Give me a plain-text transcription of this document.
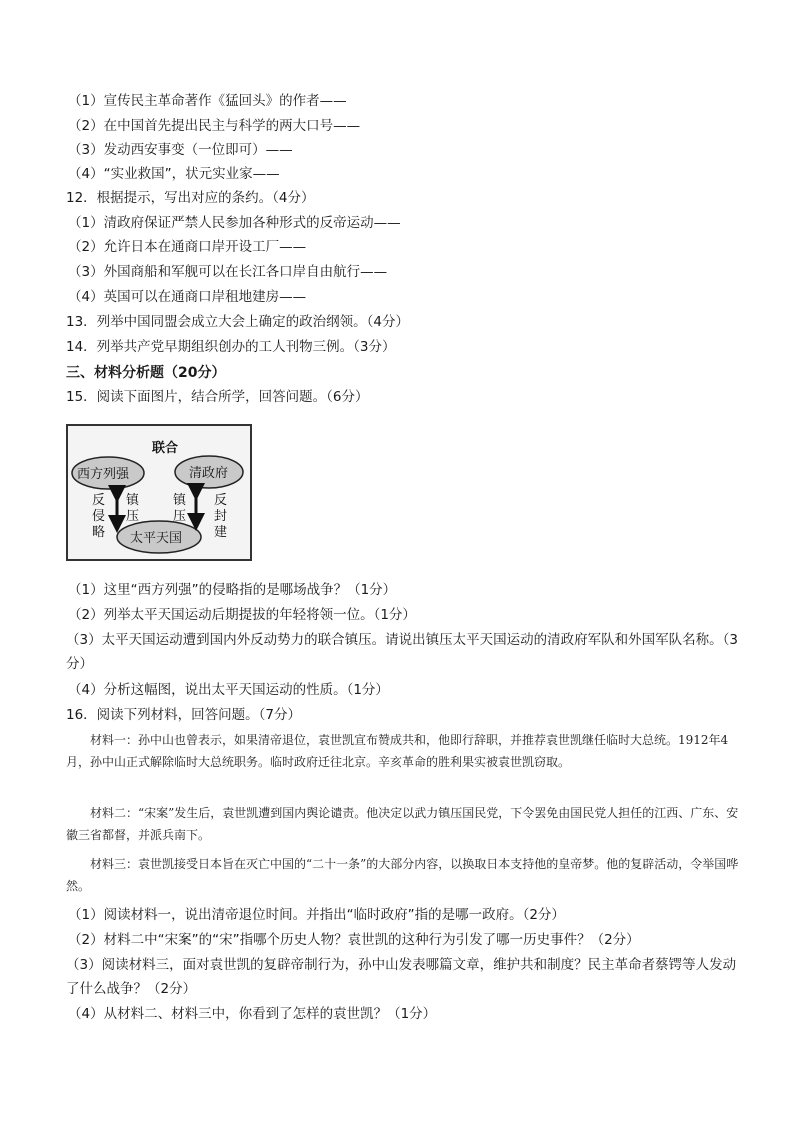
（1）宣传民主革命著作《猛回头》的作者——
（2）在中国首先提出民主与科学的两大口号——
（3）发动西安事变（一位即可）——
（4）“实业救国”，状元实业家——
12．根据提示，写出对应的条约。（4分）
（1）清政府保证严禁人民参加各种形式的反帝运动——
（2）允许日本在通商口岸开设工厂——
（3）外国商船和军舰可以在长江各口岸自由航行——
（4）英国可以在通商口岸租地建房——
13．列举中国同盟会成立大会上确定的政治纲领。（4分）
14．列举共产党早期组织创办的工人刊物三例。（3分）
三、材料分析题（20分）
15．阅读下面图片，结合所学，回答问题。（6分）
联合
西方列强	清政府
太平天国
反
侵
略
镇
压
镇
压
反
封
建
（1）这里“西方列强”的侵略指的是哪场战争？（1分）
（2）列举太平天国运动后期提拔的年轻将领一位。（1分）
（3）太平天国运动遭到国内外反动势力的联合镇压。请说出镇压太平天国运动的清政府军队和外国军队名称。（3分）
（4）分析这幅图，说出太平天国运动的性质。（1分）
16．阅读下列材料，回答问题。（7分）
材料一：孙中山也曾表示，如果清帝退位，袁世凯宣布赞成共和，他即行辞职，并推荐袁世凯继任临时大总统。1912年4月，孙中山正式解除临时大总统职务。临时政府迁往北京。辛亥革命的胜利果实被袁世凯窃取。
材料二：“宋案”发生后，袁世凯遭到国内舆论谴责。他决定以武力镇压国民党，下令罢免由国民党人担任的江西、广东、安徽三省都督，并派兵南下。
材料三：袁世凯接受日本旨在灭亡中国的“二十一条”的大部分内容，以换取日本支持他的皇帝梦。他的复辟活动，令举国哗然。
（1）阅读材料一，说出清帝退位时间。并指出“临时政府”指的是哪一政府。（2分）
（2）材料二中“宋案”的“宋”指哪个历史人物？袁世凯的这种行为引发了哪一历史事件？（2分）
（3）阅读材料三，面对袁世凯的复辟帝制行为，孙中山发表哪篇文章，维护共和制度？民主革命者蔡锷等人发动了什么战争？（2分）
（4）从材料二、材料三中，你看到了怎样的袁世凯？（1分）
